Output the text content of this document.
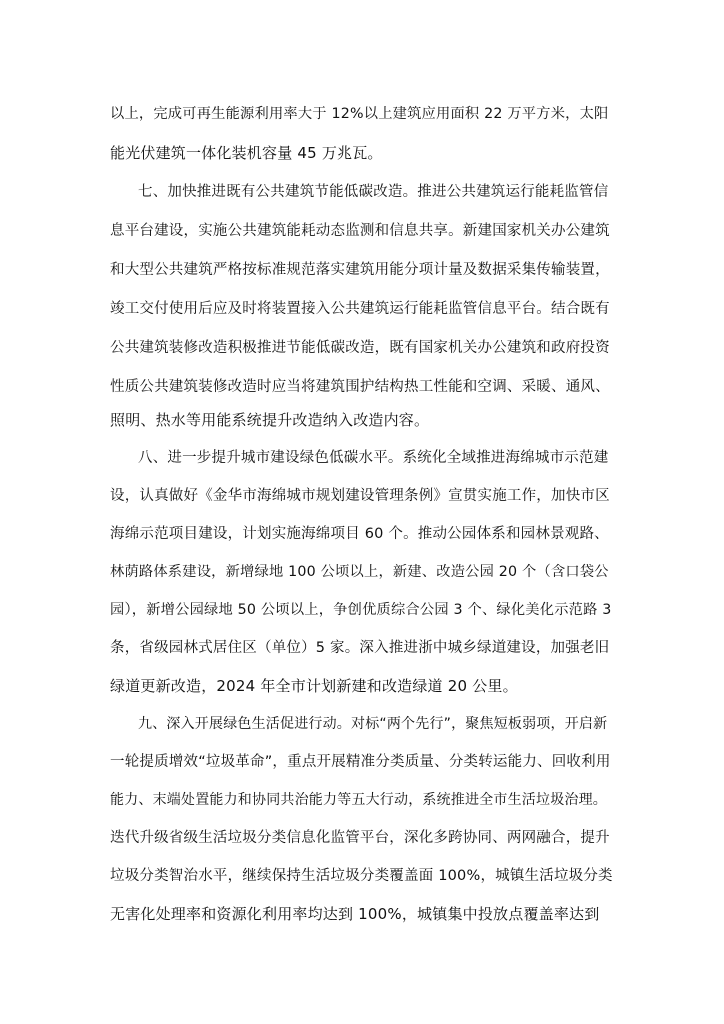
以上，完成可再生能源利用率大于 12%以上建筑应用面积 22 万平方米，太阳
能光伏建筑一体化装机容量 45 万兆瓦。
七、加快推进既有公共建筑节能低碳改造。推进公共建筑运行能耗监管信
息平台建设，实施公共建筑能耗动态监测和信息共享。新建国家机关办公建筑
和大型公共建筑严格按标准规范落实建筑用能分项计量及数据采集传输装置，
竣工交付使用后应及时将装置接入公共建筑运行能耗监管信息平台。结合既有
公共建筑装修改造积极推进节能低碳改造，既有国家机关办公建筑和政府投资
性质公共建筑装修改造时应当将建筑围护结构热工性能和空调、采暖、通风、
照明、热水等用能系统提升改造纳入改造内容。
八、进一步提升城市建设绿色低碳水平。系统化全域推进海绵城市示范建
设，认真做好《金华市海绵城市规划建设管理条例》宣贯实施工作，加快市区
海绵示范项目建设，计划实施海绵项目 60 个。推动公园体系和园林景观路、
林荫路体系建设，新增绿地 100 公顷以上，新建、改造公园 20 个（含口袋公
园），新增公园绿地 50 公顷以上，争创优质综合公园 3 个、绿化美化示范路 3
条，省级园林式居住区（单位）5 家。深入推进浙中城乡绿道建设，加强老旧
绿道更新改造，2024 年全市计划新建和改造绿道 20 公里。
九、深入开展绿色生活促进行动。对标“两个先行”，聚焦短板弱项，开启新
一轮提质增效“垃圾革命”，重点开展精准分类质量、分类转运能力、回收利用
能力、末端处置能力和协同共治能力等五大行动，系统推进全市生活垃圾治理。
迭代升级省级生活垃圾分类信息化监管平台，深化多跨协同、两网融合，提升
垃圾分类智治水平，继续保持生活垃圾分类覆盖面 100%，城镇生活垃圾分类
无害化处理率和资源化利用率均达到 100%，城镇集中投放点覆盖率达到
